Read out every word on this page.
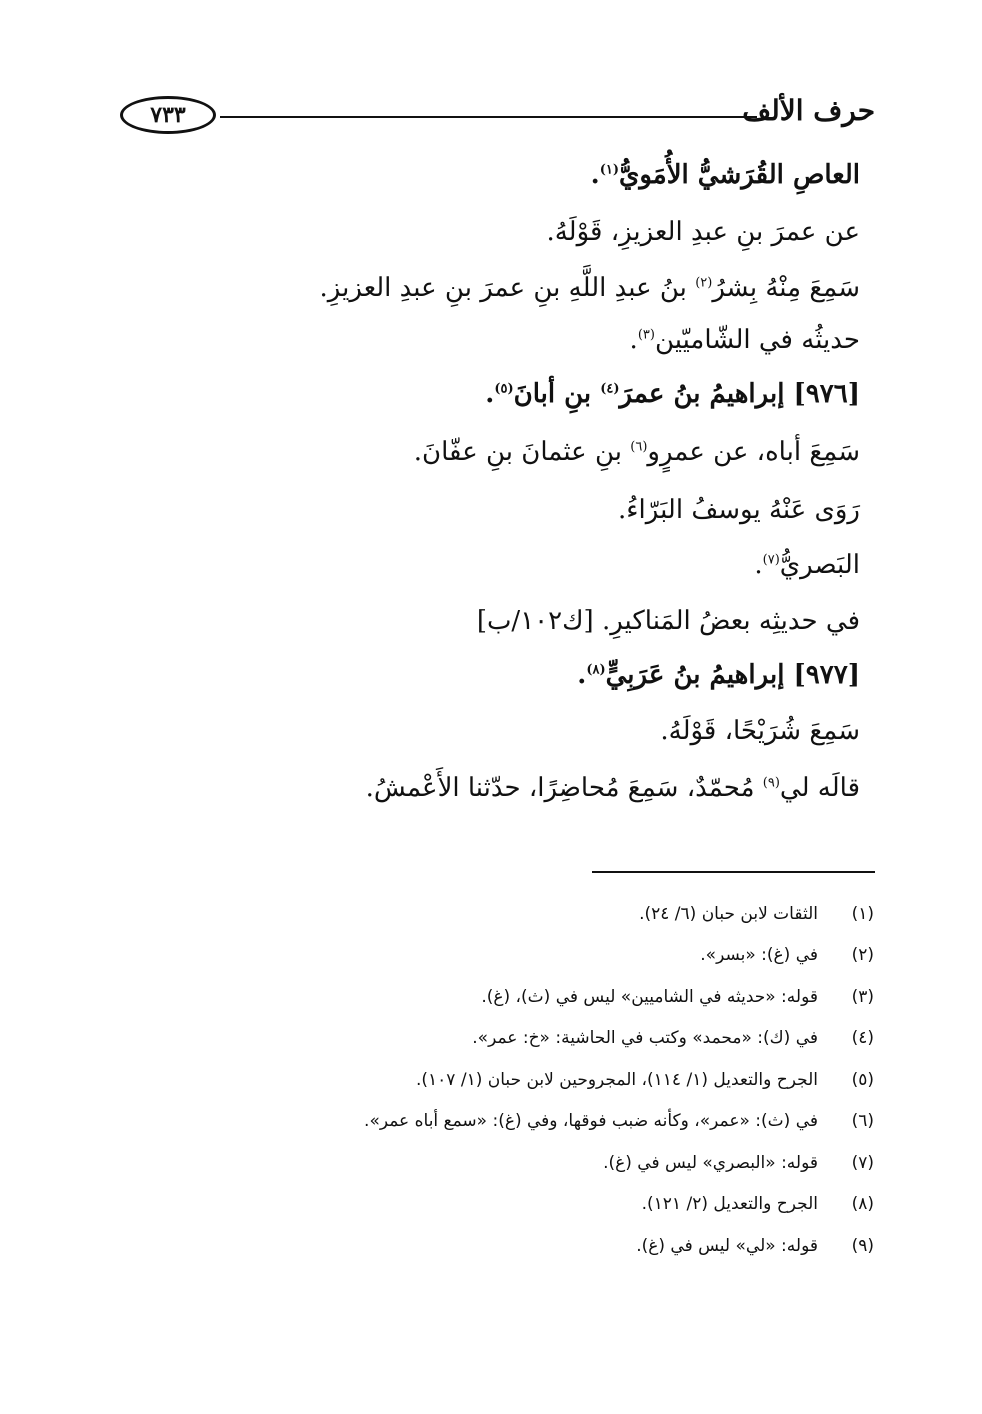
حرف الألف
٧٣٣
العاصِ القُرَشيُّ الأُمَويُّ$^{(١)}$.
عن عمرَ بنِ عبدِ العزيزِ، قَوْلَهُ.
سَمِعَ مِنْهُ بِشرُ$^{(٢)}$ بنُ عبدِ اللَّهِ بنِ عمرَ بنِ عبدِ العزيزِ.
حديثُه في الشّاميّين$^{(٣)}$.
[٩٧٦] إبراهيمُ بنُ عمرَ$^{(٤)}$ بنِ أبانَ$^{(٥)}$.
سَمِعَ أباه، عن عمرٍو$^{(٦)}$ بنِ عثمانَ بنِ عفّانَ.
رَوَى عَنْهُ يوسفُ البَرّاءُ.
البَصريُّ$^{(٧)}$.
في حديثِه بعضُ المَناكيرِ. [ك١٠٢/ب]
[٩٧٧] إبراهيمُ بنُ عَرَبِيٍّ$^{(٨)}$.
سَمِعَ شُرَيْحًا، قَوْلَهُ.
قالَه لي$^{(٩)}$ مُحمّدٌ، سَمِعَ مُحاضِرًا، حدّثنا الأَعْمشُ.
(١)
الثقات لابن حبان (٦/ ٢٤).
(٢)
في (غ): «بسر».
(٣)
قوله: «حديثه في الشاميين» ليس في (ث)، (غ).
(٤)
في (ك): «محمد» وكتب في الحاشية: «خ: عمر».
(٥)
الجرح والتعديل (١/ ١١٤)، المجروحين لابن حبان (١/ ١٠٧).
(٦)
في (ث): «عمر»، وكأنه ضبب فوقها، وفي (غ): «سمع أباه عمر».
(٧)
قوله: «البصري» ليس في (غ).
(٨)
الجرح والتعديل (٢/ ١٢١).
(٩)
قوله: «لي» ليس في (غ).
